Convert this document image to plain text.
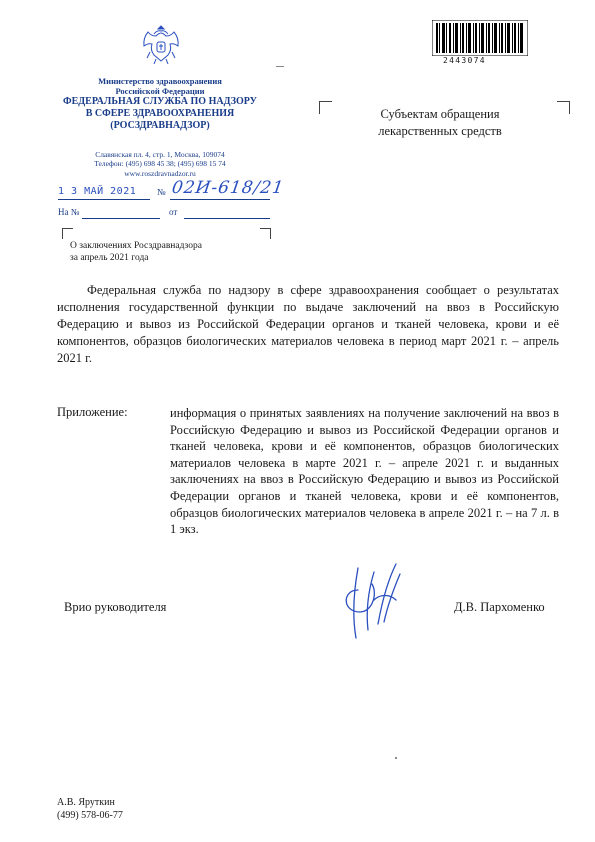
Министерство здравоохранения
Российской Федерации
ФЕДЕРАЛЬНАЯ СЛУЖБА ПО НАДЗОРУ
В СФЕРЕ ЗДРАВООХРАНЕНИЯ
(РОСЗДРАВНАДЗОР)
Славянская пл. 4, стр. 1, Москва, 109074
Телефон: (495) 698 45 38; (495) 698 15 74
www.roszdravnadzor.ru
1 3 МАЙ 2021 № 02И-618/21
На №	от
О заключениях Росздравнадзора
за апрель 2021 года
Субъектам обращения
лекарственных средств
2443074
Федеральная служба по надзору в сфере здравоохранения сообщает о результатах исполнения государственной функции по выдаче заключений на ввоз в Российскую Федерацию и вывоз из Российской Федерации органов и тканей человека, крови и её компонентов, образцов биологических материалов человека в период март 2021 г. – апрель 2021 г.
Приложение:	информация о принятых заявлениях на получение заключений на ввоз в Российскую Федерацию и вывоз из Российской Федерации органов и тканей человека, крови и её компонентов, образцов биологических материалов человека в марте 2021 г. – апреле 2021 г. и выданных заключениях на ввоз в Российскую Федерацию и вывоз из Российской Федерации органов и тканей человека, крови и её компонентов, образцов биологических материалов человека в апреле 2021 г. – на 7 л. в 1 экз.
Врио руководителя	Д.В. Пархоменко
А.В. Яруткин
(499) 578-06-77
